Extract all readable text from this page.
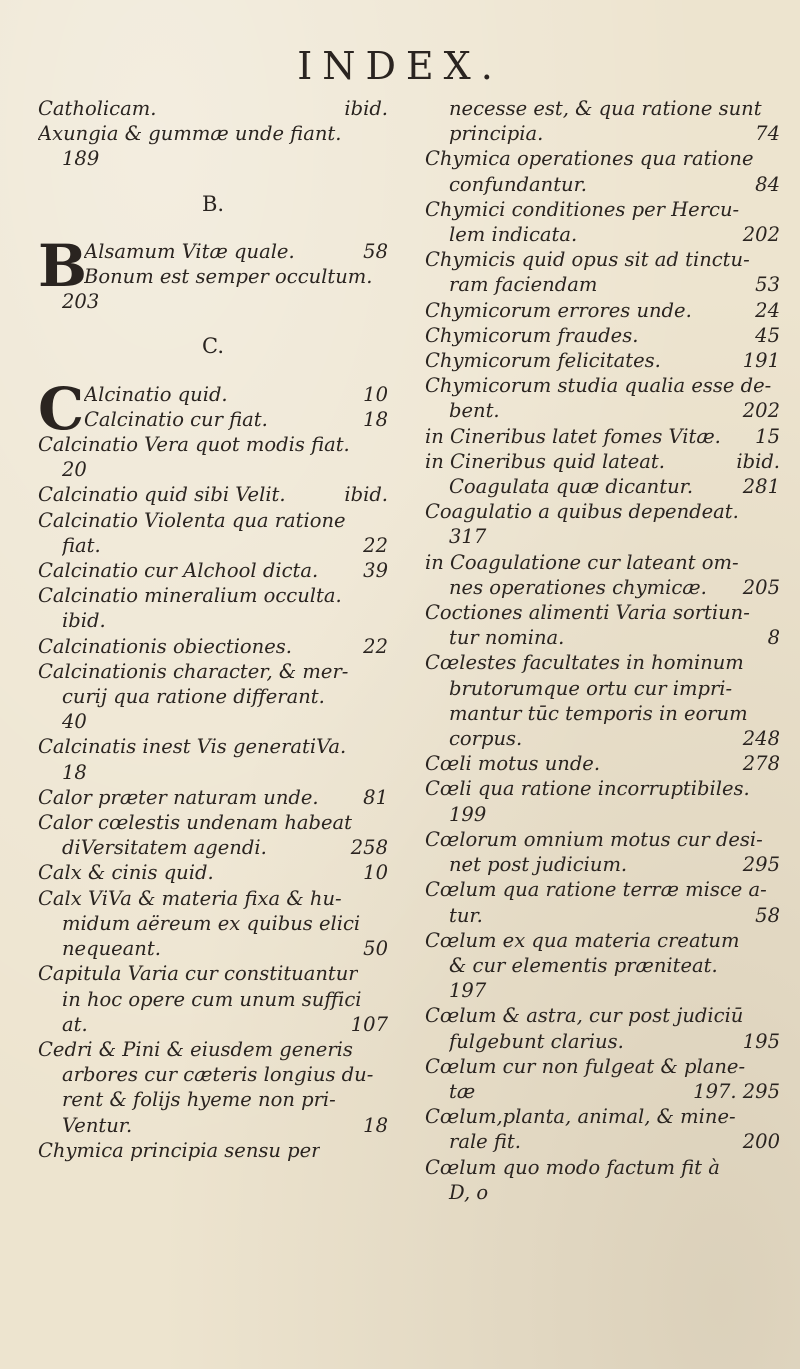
INDEX.
Catholicam.	ibid.
Axungia & gummæ unde fiant.
189
B.
B
Alsamum Vitæ quale.	58
Bonum est semper occultum.
203
C.
C Alcinatio quid.	10
Calcinatio cur fiat.	18
Calcinatio Vera quot modis fiat.
20
Calcinatio quid sibi Velit.	ibid.
Calcinatio Violenta qua ratione
fiat.	22
Calcinatio cur Alchool dicta.	39
Calcinatio mineralium occulta.
ibid.
Calcinationis obiectiones.	22
Calcinationis character, & mer-
curij qua ratione differant.
40
Calcinatis inest Vis generatiVa.
18
Calor præter naturam unde.	81
Calor cœlestis undenam habeat
diVersitatem agendi.	258
Calx & cinis quid.	10
Calx ViVa & materia fixa & hu-
midum aëreum ex quibus elici
nequeant.	50
Capitula Varia cur constituantur
in hoc opere cum unum suffici
at.	107
Cedri & Pini & eiusdem generis
arbores cur cæteris longius du-
rent & folijs hyeme non pri-
Ventur.	18
Chymica principia sensu per
necesse est, & qua ratione sunt
principia.	74
Chymica operationes qua ratione
confundantur.	84
Chymici conditiones per Hercu-
lem indicata.	202
Chymicis quid opus sit ad tinctu-
ram faciendam	53
Chymicorum errores unde.	24
Chymicorum fraudes.	45
Chymicorum felicitates.	191
Chymicorum studia qualia esse de-
bent.	202
in Cineribus latet fomes Vitæ.	15
in Cineribus quid lateat.	ibid.
Coagulata quæ dicantur.	281
Coagulatio a quibus dependeat.
317
in Coagulatione cur lateant om-
nes operationes chymicæ.	205
Coctiones alimenti Varia sortiun-
tur nomina.	8
Cœlestes facultates in hominum
brutorumque ortu cur impri-
mantur tūc temporis in eorum
corpus.	248
Cœli motus unde.	278
Cœli qua ratione incorruptibiles.
199
Cœlorum omnium motus cur desi-
net post judicium.	295
Cœlum qua ratione terræ misce a-
tur.	58
Cœlum ex qua materia creatum
& cur elementis præniteat.
197
Cœlum & astra, cur post judiciū
fulgebunt clarius.	195
Cœlum cur non fulgeat & plane-
tæ	197. 295
Cœlum,planta, animal, & mine-
rale fit.	200
Cœlum quo modo factum fit à
D, o
